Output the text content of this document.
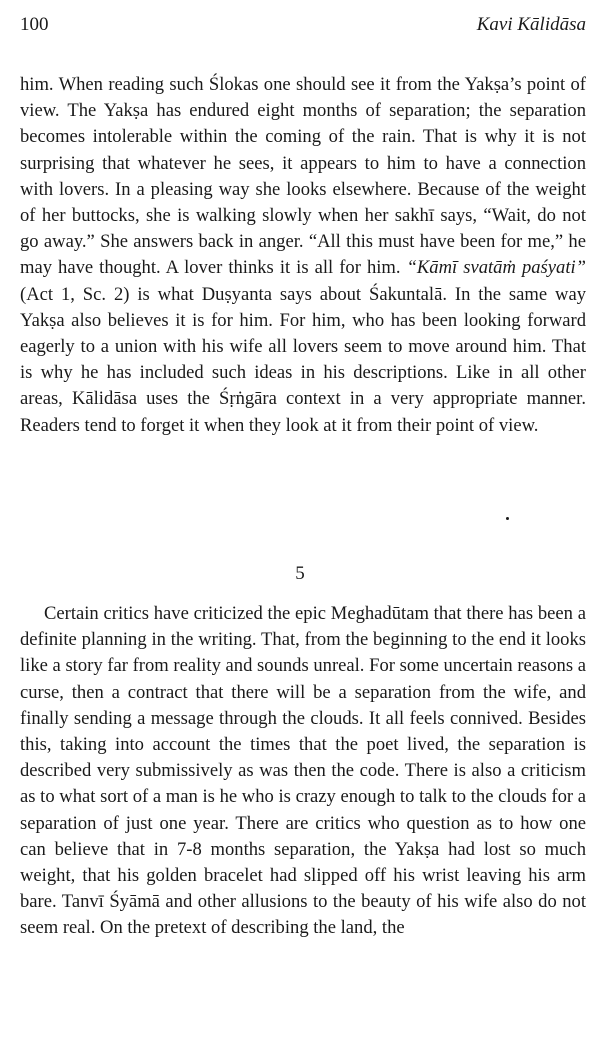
100	Kavi Kālidāsa

him. When reading such Ślokas one should see it from the Yakṣa’s point of view. The Yakṣa has endured eight months of separation; the separation becomes intolerable within the coming of the rain. That is why it is not surprising that whatever he sees, it appears to him to have a connection with lovers. In a pleasing way she looks elsewhere. Because of the weight of her buttocks, she is walking slowly when her sakhī says, “Wait, do not go away.” She answers back in anger. “All this must have been for me,” he may have thought. A lover thinks it is all for him. “Kāmī svatāṁ paśyati” (Act 1, Sc. 2) is what Duṣyanta says about Śakuntalā. In the same way Yakṣa also believes it is for him. For him, who has been looking forward eagerly to a union with his wife all lovers seem to move around him. That is why he has included such ideas in his descriptions. Like in all other areas, Kālidāsa uses the Śṛṅgāra context in a very appropriate manner. Readers tend to forget it when they look at it from their point of view.

5

Certain critics have criticized the epic Meghadūtam that there has been a definite planning in the writing. That, from the beginning to the end it looks like a story far from reality and sounds unreal. For some uncertain reasons a curse, then a contract that there will be a separation from the wife, and finally sending a message through the clouds. It all feels connived. Besides this, taking into account the times that the poet lived, the separation is described very submissively as was then the code. There is also a criticism as to what sort of a man is he who is crazy enough to talk to the clouds for a separation of just one year. There are critics who question as to how one can believe that in 7-8 months separation, the Yakṣa had lost so much weight, that his golden bracelet had slipped off his wrist leaving his arm bare. Tanvī Śyāmā and other allusions to the beauty of his wife also do not seem real. On the pretext of describing the land, the
